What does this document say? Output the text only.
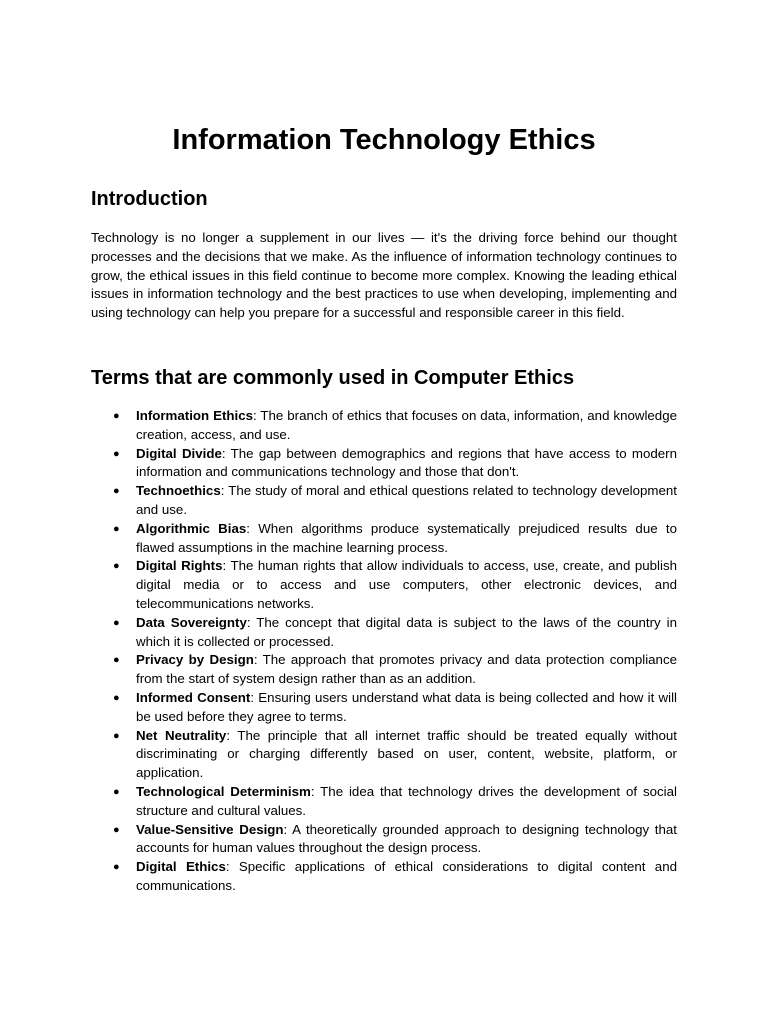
Information Technology Ethics
Introduction

Technology is no longer a supplement in our lives — it's the driving force behind our thought processes and the decisions that we make. As the influence of information technology continues to grow, the ethical issues in this field continue to become more complex. Knowing the leading ethical issues in information technology and the best practices to use when developing, implementing and using technology can help you prepare for a successful and responsible career in this field.

Terms that are commonly used in Computer Ethics
● Information Ethics: The branch of ethics that focuses on data, information, and knowledge creation, access, and use.
● Digital Divide: The gap between demographics and regions that have access to modern information and communications technology and those that don't.
● Technoethics: The study of moral and ethical questions related to technology development and use.
● Algorithmic Bias: When algorithms produce systematically prejudiced results due to flawed assumptions in the machine learning process.
● Digital Rights: The human rights that allow individuals to access, use, create, and publish digital media or to access and use computers, other electronic devices, and telecommunications networks.
● Data Sovereignty: The concept that digital data is subject to the laws of the country in which it is collected or processed.
● Privacy by Design: The approach that promotes privacy and data protection compliance from the start of system design rather than as an addition.
● Informed Consent: Ensuring users understand what data is being collected and how it will be used before they agree to terms.
● Net Neutrality: The principle that all internet traffic should be treated equally without discriminating or charging differently based on user, content, website, platform, or application.
● Technological Determinism: The idea that technology drives the development of social structure and cultural values.
● Value-Sensitive Design: A theoretically grounded approach to designing technology that accounts for human values throughout the design process.
● Digital Ethics: Specific applications of ethical considerations to digital content and communications.
